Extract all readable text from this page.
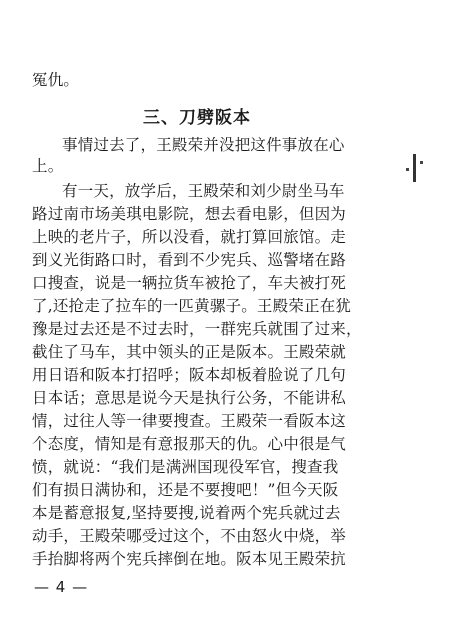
冤仇。
三、刀劈阪本
事情过去了，王殿荣并没把这件事放在心
上。
有一天，放学后，王殿荣和刘少尉坐马车
路过南市场美琪电影院，想去看电影，但因为
上映的老片子，所以没看，就打算回旅馆。走
到义光街路口时，看到不少宪兵、巡警堵在路
口搜查，说是一辆拉货车被抢了，车夫被打死
了,还抢走了拉车的一匹黄骡子。王殿荣正在犹
豫是过去还是不过去时，一群宪兵就围了过来，
截住了马车，其中领头的正是阪本。王殿荣就
用日语和阪本打招呼；阪本却板着脸说了几句
日本话；意思是说今天是执行公务，不能讲私
情，过往人等一律要搜查。王殿荣一看阪本这
个态度，情知是有意报那天的仇。心中很是气
愤，就说：“我们是满洲国现役军官，搜查我
们有损日满协和，还是不要搜吧！”但今天阪
本是蓄意报复,坚持要搜,说着两个宪兵就过去
动手，王殿荣哪受过这个，不由怒火中烧，举
手抬脚将两个宪兵摔倒在地。阪本见王殿荣抗
— 4 —
